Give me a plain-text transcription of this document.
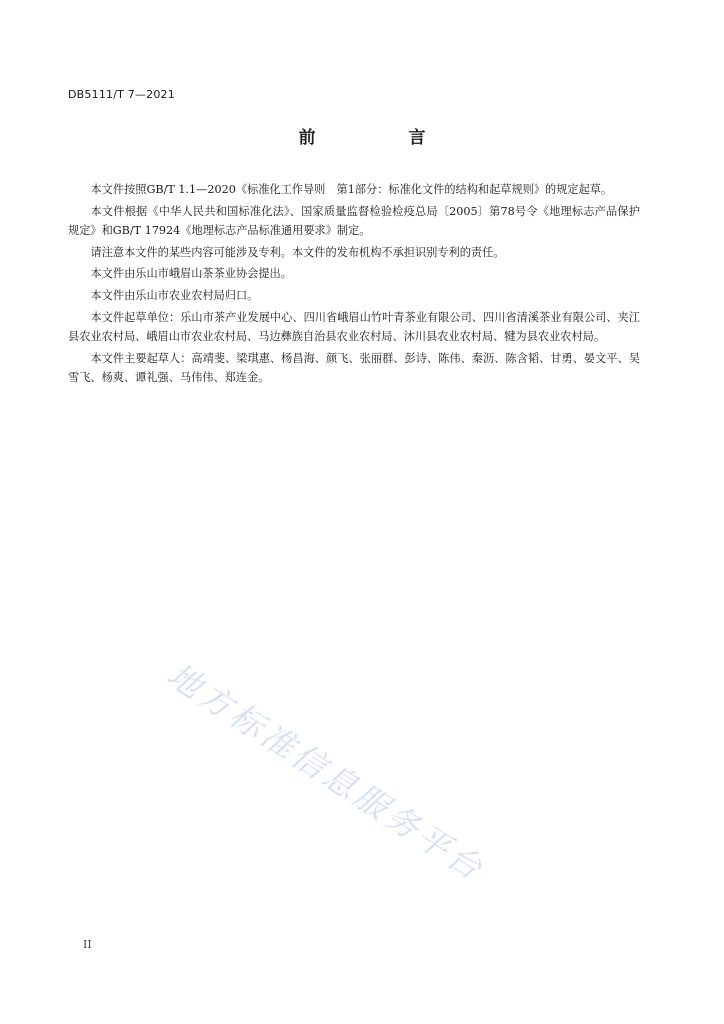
DB5111/T 7—2021
前　言

本文件按照GB/T 1.1—2020《标准化工作导则　第1部分：标准化文件的结构和起草规则》的规定起草。

本文件根据《中华人民共和国标准化法》、国家质量监督检验检疫总局〔2005〕第78号令《地理标志产品保护规定》和GB/T 17924《地理标志产品标准通用要求》制定。

请注意本文件的某些内容可能涉及专利。本文件的发布机构不承担识别专利的责任。

本文件由乐山市峨眉山茶茶业协会提出。

本文件由乐山市农业农村局归口。

本文件起草单位：乐山市茶产业发展中心、四川省峨眉山竹叶青茶业有限公司、四川省清溪茶业有限公司、夹江县农业农村局、峨眉山市农业农村局、马边彝族自治县农业农村局、沐川县农业农村局、犍为县农业农村局。

本文件主要起草人：高靖斐、梁琪惠、杨昌海、颜飞、张丽群、彭诗、陈伟、秦沥、陈含韬、甘勇、晏文平、吴雪飞、杨爽、谭礼强、马伟伟、郑连金。

地方标准信息服务平台
II
